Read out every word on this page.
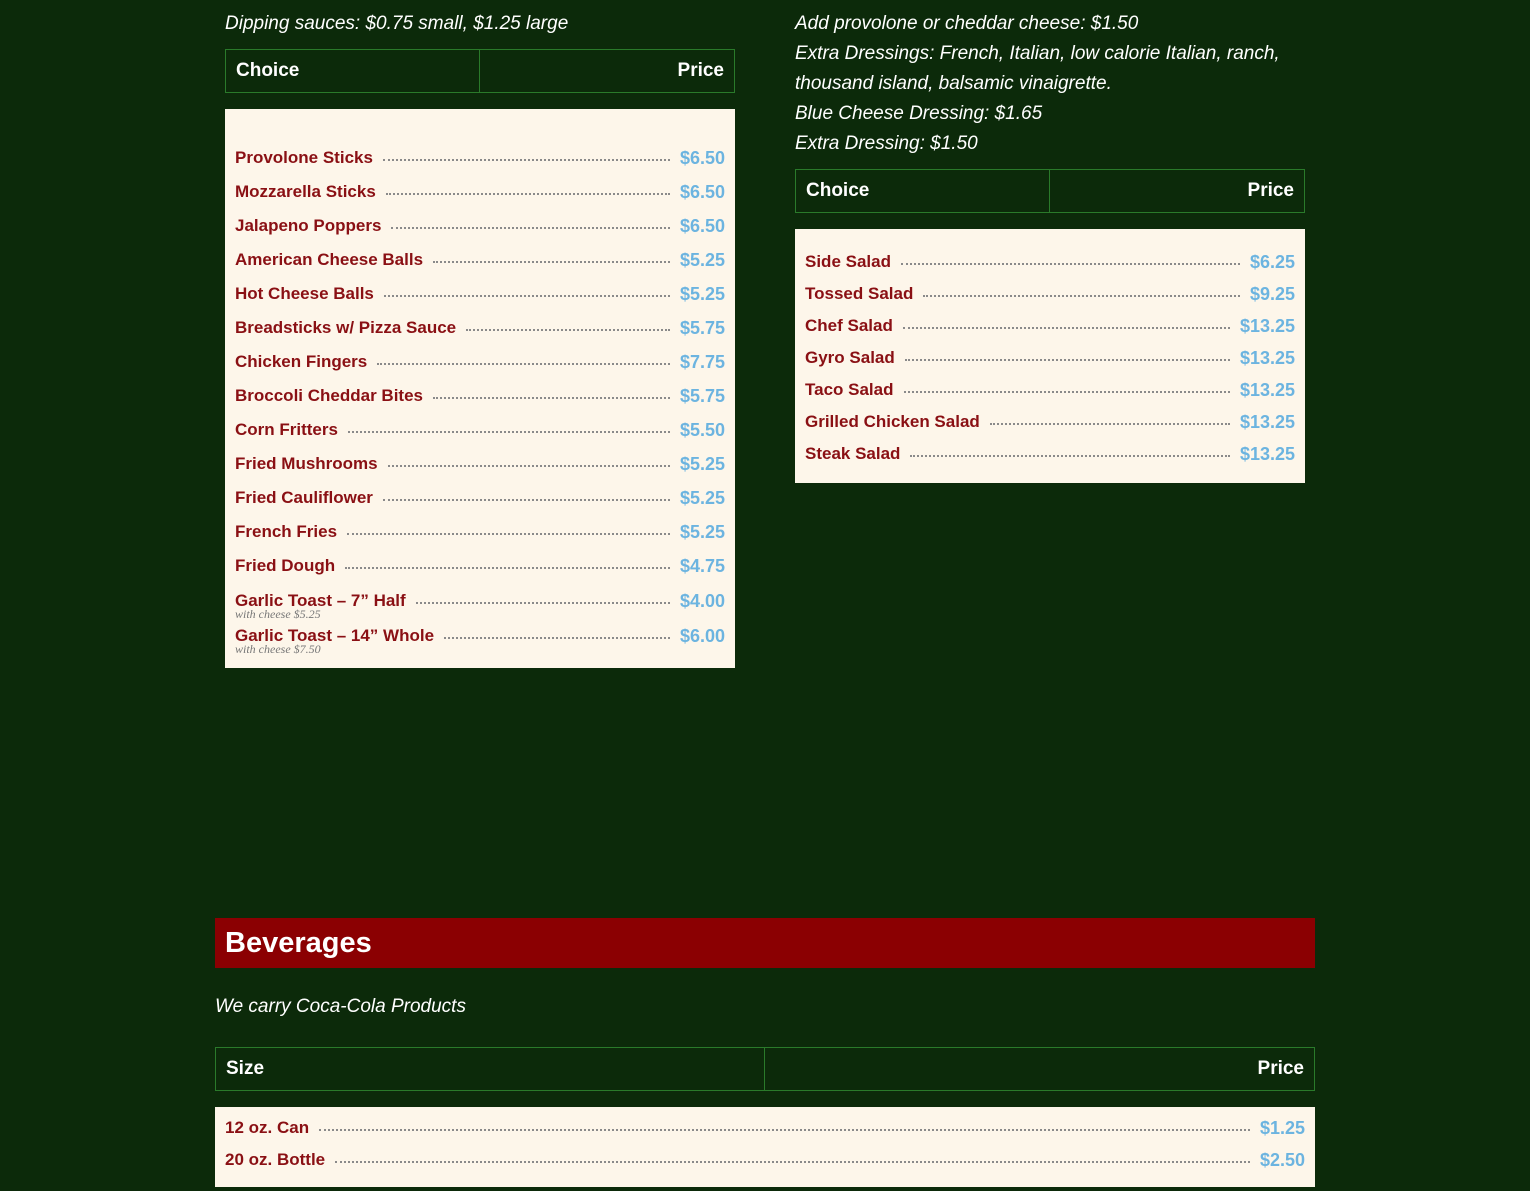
Dipping sauces: $0.75 small, $1.25 large

Choice	Price
Provolone Sticks	$6.50
Mozzarella Sticks	$6.50
Jalapeno Poppers	$6.50
American Cheese Balls	$5.25
Hot Cheese Balls	$5.25
Breadsticks w/ Pizza Sauce	$5.75
Chicken Fingers	$7.75
Broccoli Cheddar Bites	$5.75
Corn Fritters	$5.50
Fried Mushrooms	$5.25
Fried Cauliflower	$5.25
French Fries	$5.25
Fried Dough	$4.75
Garlic Toast – 7” Half	$4.00
with cheese $5.25
Garlic Toast – 14” Whole	$6.00
with cheese $7.50

Add provolone or cheddar cheese: $1.50

Extra Dressings: French, Italian, low calorie Italian, ranch, thousand island, balsamic vinaigrette.

Blue Cheese Dressing: $1.65

Extra Dressing: $1.50

Choice	Price
Side Salad	$6.25
Tossed Salad	$9.25
Chef Salad	$13.25
Gyro Salad	$13.25
Taco Salad	$13.25
Grilled Chicken Salad	$13.25
Steak Salad	$13.25
Beverages

We carry Coca-Cola Products

Size	Price
12 oz. Can	$1.25
20 oz. Bottle	$2.50
